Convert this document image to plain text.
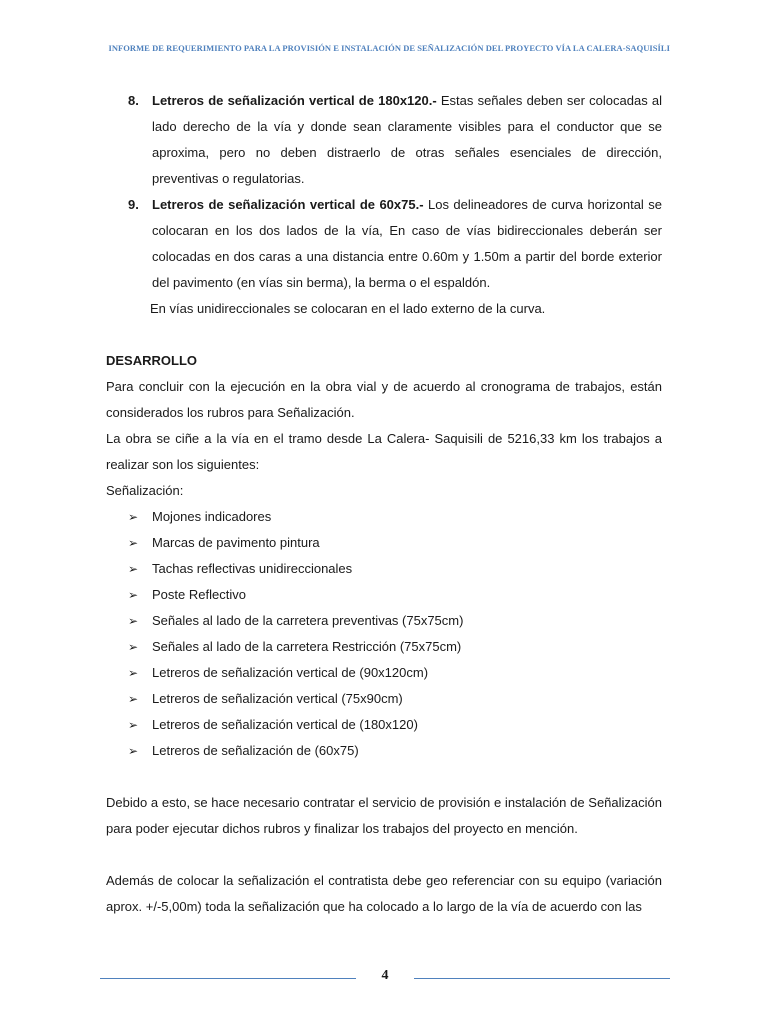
INFORME DE REQUERIMIENTO PARA LA PROVISIÓN E INSTALACIÓN DE SEÑALIZACIÓN DEL PROYECTO VÍA LA CALERA-SAQUISÍLI
8. Letreros de señalización vertical de 180x120.- Estas señales deben ser colocadas al lado derecho de la vía y donde sean claramente visibles para el conductor que se aproxima, pero no deben distraerlo de otras señales esenciales de dirección, preventivas o regulatorias.
9. Letreros de señalización vertical de 60x75.- Los delineadores de curva horizontal se colocaran en los dos lados de la vía, En caso de vías bidireccionales deberán ser colocadas en dos caras a una distancia entre 0.60m y 1.50m a partir del borde exterior del pavimento (en vías sin berma), la berma o el espaldón.
En vías unidireccionales se colocaran en el lado externo de la curva.
DESARROLLO
Para concluir con la ejecución en la obra vial y de acuerdo al cronograma de trabajos, están considerados los rubros para Señalización.
La obra se ciñe a la vía en el tramo desde La Calera- Saquisili de 5216,33 km los trabajos a realizar son los siguientes:
Señalización:
➢ Mojones indicadores
➢ Marcas de pavimento pintura
➢ Tachas reflectivas unidireccionales
➢ Poste Reflectivo
➢ Señales al lado de la carretera preventivas (75x75cm)
➢ Señales al lado de la carretera Restricción (75x75cm)
➢ Letreros de señalización vertical de (90x120cm)
➢ Letreros de señalización vertical (75x90cm)
➢ Letreros de señalización vertical de (180x120)
➢ Letreros de señalización de (60x75)
Debido a esto, se hace necesario contratar el servicio de provisión e instalación de Señalización para poder ejecutar dichos rubros y finalizar los trabajos del proyecto en mención.
Además de colocar la señalización el contratista debe geo referenciar con su equipo (variación aprox. +/-5,00m) toda la señalización que ha colocado a lo largo de la vía de acuerdo con las
4
